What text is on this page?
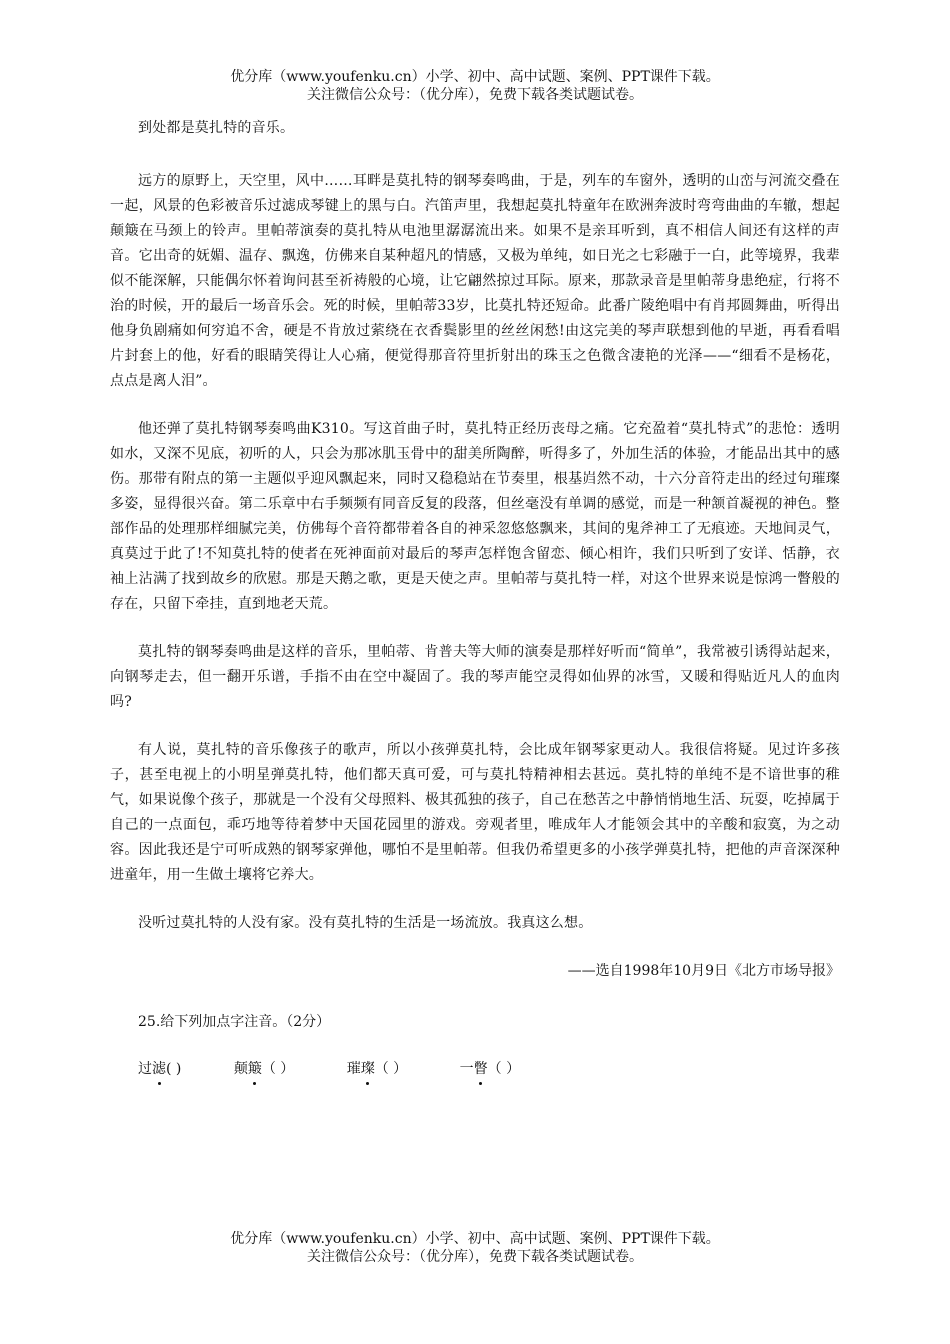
优分库（www.youfenku.cn）小学、初中、高中试题、案例、PPT课件下载。
关注微信公众号：（优分库），免费下载各类试题试卷。

到处都是莫扎特的音乐。

远方的原野上，天空里，风中……耳畔是莫扎特的钢琴奏鸣曲，于是，列车的车窗外，透明的山峦与河流交叠在一起，风景的色彩被音乐过滤成琴键上的黑与白。汽笛声里，我想起莫扎特童年在欧洲奔波时弯弯曲曲的车辙，想起颠簸在马颈上的铃声。里帕蒂演奏的莫扎特从电池里潺潺流出来。如果不是亲耳听到，真不相信人间还有这样的声音。它出奇的妩媚、温存、飘逸，仿佛来自某种超凡的情感，又极为单纯，如日光之七彩融于一白，此等境界，我辈似不能深解，只能偶尔怀着询问甚至祈祷般的心境，让它翩然掠过耳际。原来，那款录音是里帕蒂身患绝症，行将不治的时候，开的最后一场音乐会。死的时候，里帕蒂33岁，比莫扎特还短命。此番广陵绝唱中有肖邦圆舞曲，听得出他身负剧痛如何穷追不舍，硬是不肯放过萦绕在衣香鬓影里的丝丝闲愁!由这完美的琴声联想到他的早逝，再看看唱片封套上的他，好看的眼睛笑得让人心痛，便觉得那音符里折射出的珠玉之色微含凄艳的光泽——“细看不是杨花，点点是离人泪”。

他还弹了莫扎特钢琴奏鸣曲K310。写这首曲子时，莫扎特正经历丧母之痛。它充盈着“莫扎特式”的悲怆：透明如水，又深不见底，初听的人，只会为那冰肌玉骨中的甜美所陶醉，听得多了，外加生活的体验，才能品出其中的感伤。那带有附点的第一主题似乎迎风飘起来，同时又稳稳站在节奏里，根基岿然不动，十六分音符走出的经过句璀璨多姿，显得很兴奋。第二乐章中右手频频有同音反复的段落，但丝毫没有单调的感觉，而是一种颔首凝视的神色。整部作品的处理那样细腻完美，仿佛每个音符都带着各自的神采忽悠悠飘来，其间的鬼斧神工了无痕迹。天地间灵气，真莫过于此了!不知莫扎特的使者在死神面前对最后的琴声怎样饱含留恋、倾心相许，我们只听到了安详、恬静，衣袖上沾满了找到故乡的欣慰。那是天鹅之歌，更是天使之声。里帕蒂与莫扎特一样，对这个世界来说是惊鸿一瞥般的存在，只留下牵挂，直到地老天荒。

莫扎特的钢琴奏鸣曲是这样的音乐，里帕蒂、肯普夫等大师的演奏是那样好听而“简单”，我常被引诱得站起来，向钢琴走去，但一翻开乐谱，手指不由在空中凝固了。我的琴声能空灵得如仙界的冰雪，又暖和得贴近凡人的血肉吗?

有人说，莫扎特的音乐像孩子的歌声，所以小孩弹莫扎特，会比成年钢琴家更动人。我很信将疑。见过许多孩子，甚至电视上的小明星弹莫扎特，他们都天真可爱，可与莫扎特精神相去甚远。莫扎特的单纯不是不谙世事的稚气，如果说像个孩子，那就是一个没有父母照料、极其孤独的孩子，自己在愁苦之中静悄悄地生活、玩耍，吃掉属于自己的一点面包，乖巧地等待着梦中天国花园里的游戏。旁观者里，唯成年人才能领会其中的辛酸和寂寞，为之动容。因此我还是宁可听成熟的钢琴家弹他，哪怕不是里帕蒂。但我仍希望更多的小孩学弹莫扎特，把他的声音深深种进童年，用一生做土壤将它养大。

没听过莫扎特的人没有家。没有莫扎特的生活是一场流放。我真这么想。

——选自1998年10月9日《北方市场导报》
25.给下列加点字注音。（2分）
过滤( )	颠簸（ ）	璀璨（ ）	一瞥（ ）
优分库（www.youfenku.cn）小学、初中、高中试题、案例、PPT课件下载。
关注微信公众号：（优分库），免费下载各类试题试卷。
